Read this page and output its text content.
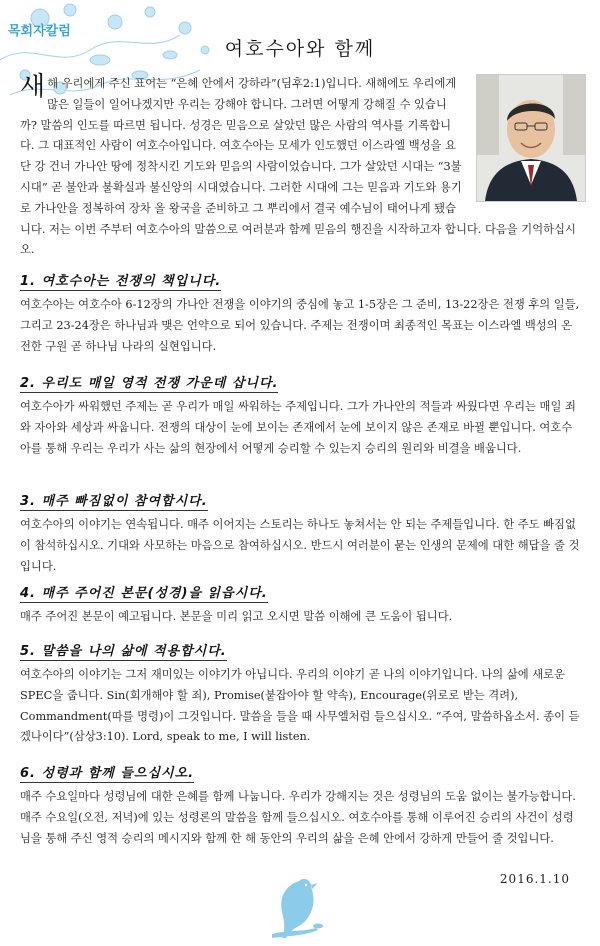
목회자칼럼
여호수아와 함께

새해 우리에게 주신 표어는 “은혜 안에서 강하라”(딤후2:1)입니다. 새해에도 우리에게 많은 일들이 일어나겠지만 우리는 강해야 합니다. 그러면 어떻게 강해질 수 있습니까? 말씀의 인도를 따르면 됩니다. 성경은 믿음으로 살았던 많은 사람의 역사를 기록합니다. 그 대표적인 사람이 여호수아입니다. 여호수아는 모세가 인도했던 이스라엘 백성을 요단 강 건너 가나안 땅에 정착시킨 기도와 믿음의 사람이었습니다. 그가 살았던 시대는 “3불 시대” 곧 불안과 불확실과 불신앙의 시대였습니다. 그러한 시대에 그는 믿음과 기도와 용기로 가나안을 정복하여 장차 올 왕국을 준비하고 그 뿌리에서 결국 예수님이 태어나게 됐습니다. 저는 이번 주부터 여호수아의 말씀으로 여러분과 함께 믿음의 행진을 시작하고자 합니다. 다음을 기억하십시오.

1. 여호수아는 전쟁의 책입니다.

여호수아는 여호수아 6-12장의 가나안 전쟁을 이야기의 중심에 놓고 1-5장은 그 준비, 13-22장은 전쟁 후의 일들, 그리고 23-24장은 하나님과 맺은 언약으로 되어 있습니다. 주제는 전쟁이며 최종적인 목표는 이스라엘 백성의 온전한 구원 곧 하나님 나라의 실현입니다.

2. 우리도 매일 영적 전쟁 가운데 삽니다.

여호수아가 싸워했던 주제는 곧 우리가 매일 싸워하는 주제입니다. 그가 가나안의 적들과 싸웠다면 우리는 매일 죄와 자아와 세상과 싸웁니다. 전쟁의 대상이 눈에 보이는 존재에서 눈에 보이지 않은 존재로 바뀔 뿐입니다. 여호수아를 통해 우리는 우리가 사는 삶의 현장에서 어떻게 승리할 수 있는지 승리의 원리와 비결을 배웁니다.

3. 매주 빠짐없이 참여합시다.

여호수아의 이야기는 연속됩니다. 매주 이어지는 스토리는 하나도 놓쳐서는 안 되는 주제들입니다. 한 주도 빠짐없이 참석하십시오. 기대와 사모하는 마음으로 참여하십시오. 반드시 여러분이 묻는 인생의 문제에 대한 해답을 줄 것입니다.

4. 매주 주어진 본문(성경)을 읽읍시다.

매주 주어진 본문이 예고됩니다. 본문을 미리 읽고 오시면 말씀 이해에 큰 도움이 됩니다.

5. 말씀을 나의 삶에 적용합시다.

여호수아의 이야기는 그저 재미있는 이야기가 아닙니다. 우리의 이야기 곧 나의 이야기입니다. 나의 삶에 새로운 SPEC을 줍니다. Sin(회개해야 할 죄), Promise(붙잡아야 할 약속), Encourage(위로로 받는 격려), Commandment(따를 명령)이 그것입니다. 말씀을 들을 때 사무엘처럼 들으십시오. “주여, 말씀하옵소서. 종이 듣겠나이다”(삼상3:10). Lord, speak to me, I will listen.

6. 성령과 함께 들으십시오.

매주 수요일마다 성령님에 대한 은혜를 함께 나눕니다. 우리가 강해지는 것은 성령님의 도움 없이는 불가능합니다. 매주 수요일(오전, 저녁)에 있는 성령론의 말씀을 함께 들으십시오. 여호수아를 통해 이루어진 승리의 사건이 성령님을 통해 주신 영적 승리의 메시지와 함께 한 해 동안의 우리의 삶을 은혜 안에서 강하게 만들어 줄 것입니다.

2016.1.10
